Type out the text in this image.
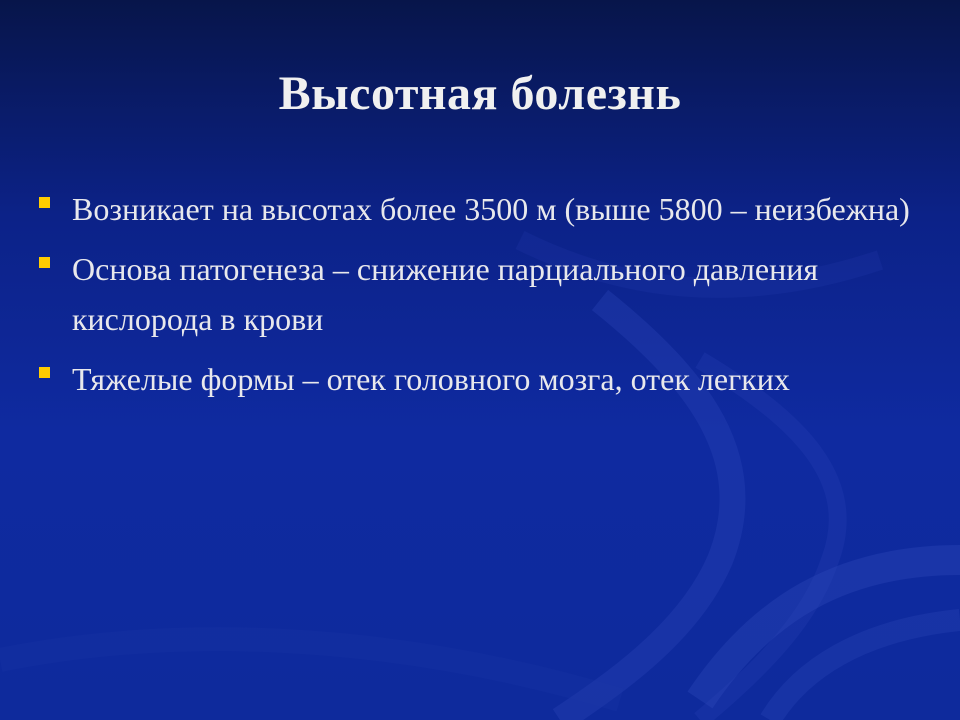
Высотная болезнь
Возникает на высотах более 3500 м (выше 5800 – неизбежна)
Основа патогенеза – снижение парциального давления кислорода в крови
Тяжелые формы – отек головного мозга, отек легких
